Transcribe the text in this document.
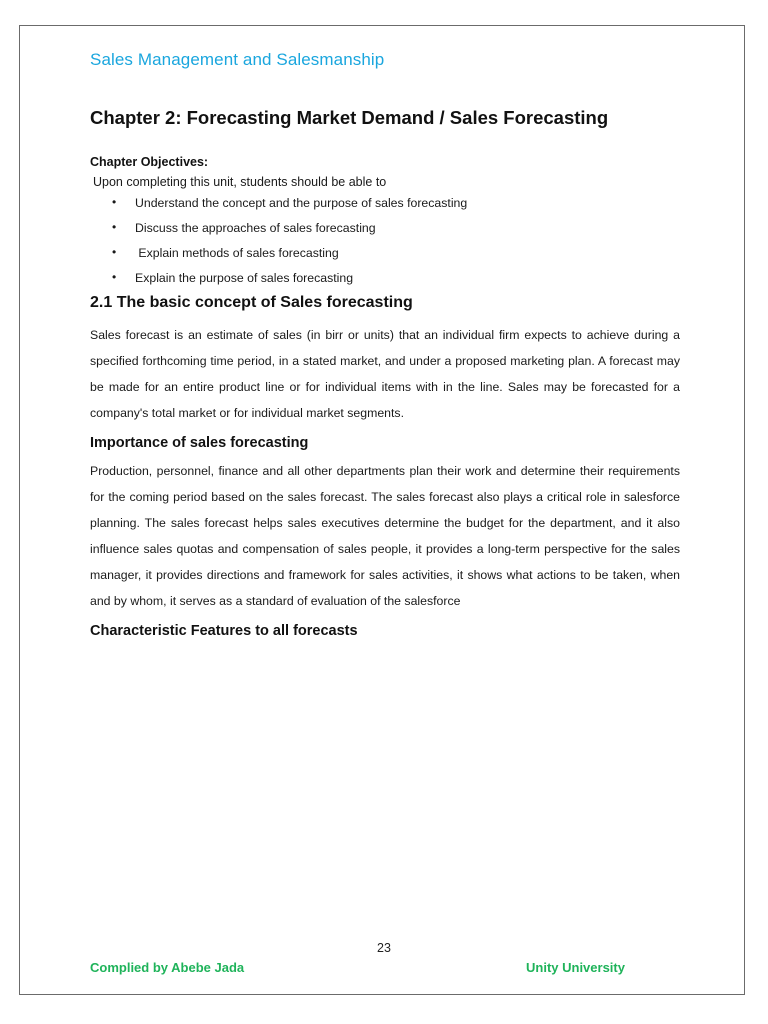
Sales Management and Salesmanship
Chapter 2: Forecasting Market Demand / Sales Forecasting
Chapter Objectives:
Upon completing this unit, students should be able to
• Understand the concept and the purpose of sales forecasting
• Discuss the approaches of sales forecasting
• Explain methods of sales forecasting
• Explain the purpose of sales forecasting
2.1 The basic concept of Sales forecasting

Sales forecast is an estimate of sales (in birr or units) that an individual firm expects to achieve during a specified forthcoming time period, in a stated market, and under a proposed marketing plan. A forecast may be made for an entire product line or for individual items with in the line. Sales may be forecasted for a company's total market or for individual market segments.

Importance of sales forecasting

Production, personnel, finance and all other departments plan their work and determine their requirements for the coming period based on the sales forecast. The sales forecast also plays a critical role in salesforce planning. The sales forecast helps sales executives determine the budget for the department, and it also influence sales quotas and compensation of sales people, it provides a long-term perspective for the sales manager, it provides directions and framework for sales activities, it shows what actions to be taken, when and by whom, it serves as a standard of evaluation of the salesforce

Characteristic Features to all forecasts
23
Complied by Abebe Jada	Unity University
